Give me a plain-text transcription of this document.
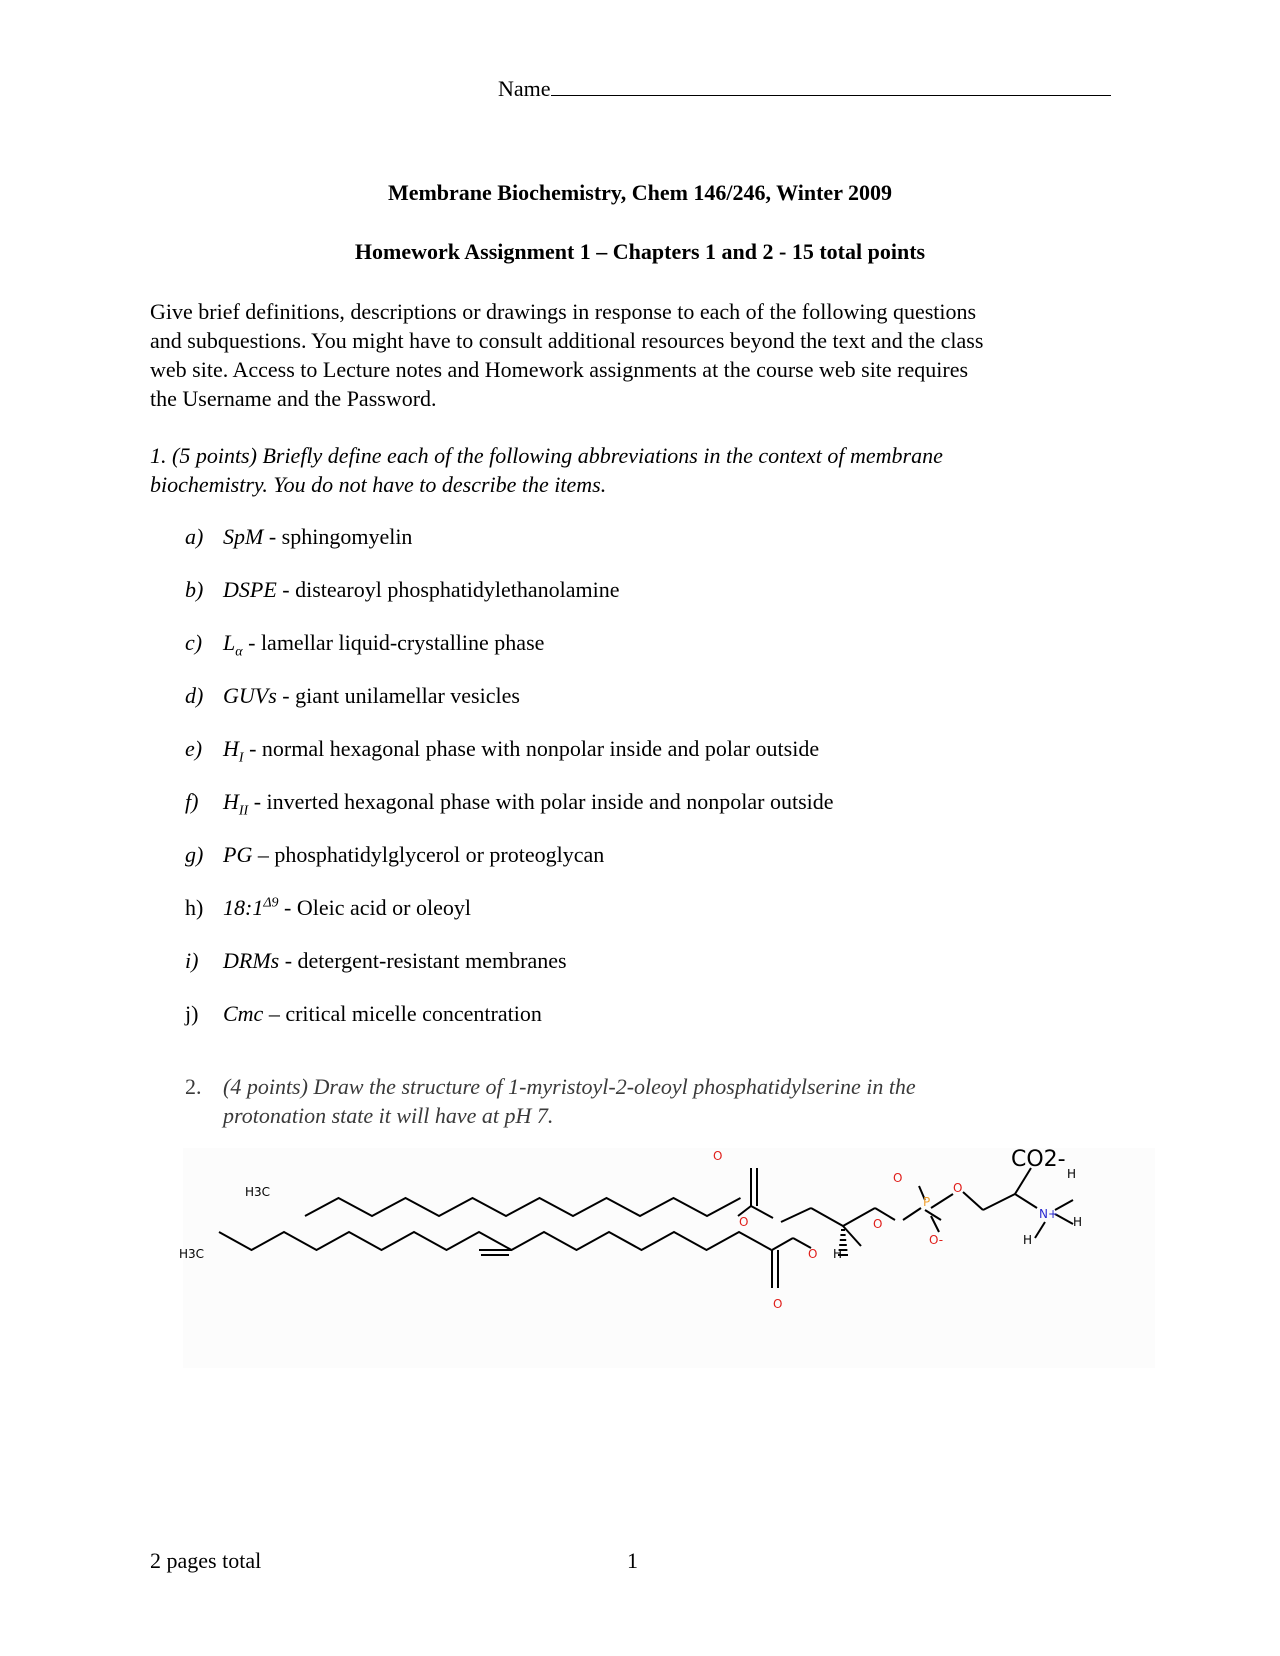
Name
Membrane Biochemistry, Chem 146/246, Winter 2009
Homework Assignment 1 – Chapters 1 and 2 - 15 total points
Give brief definitions, descriptions or drawings in response to each of the following questions
and subquestions. You might have to consult additional resources beyond the text and the class
web site. Access to Lecture notes and Homework assignments at the course web site requires
the Username and the Password.
1. (5 points) Briefly define each of the following abbreviations in the context of membrane
biochemistry. You do not have to describe the items.
a) SpM - sphingomyelin
b) DSPE - distearoyl phosphatidylethanolamine
c) $L_\alpha$ - lamellar liquid-crystalline phase
d) GUVs - giant unilamellar vesicles
e) $H_I$ - normal hexagonal phase with nonpolar inside and polar outside
f) $H_{II}$ - inverted hexagonal phase with polar inside and nonpolar outside
g) PG – phosphatidylglycerol or proteoglycan
h) $18:1^{\Delta 9}$ - Oleic acid or oleoyl
i) DRMs - detergent-resistant membranes
j) Cmc – critical micelle concentration
2. (4 points) Draw the structure of 1-myristoyl-2-oleoyl phosphatidylserine in the
protonation state it will have at pH 7.
H3C
H3C
O
O
O
O
H
O
O
P
O
O-
N+
H
H
H
CO2-
2 pages total	1
